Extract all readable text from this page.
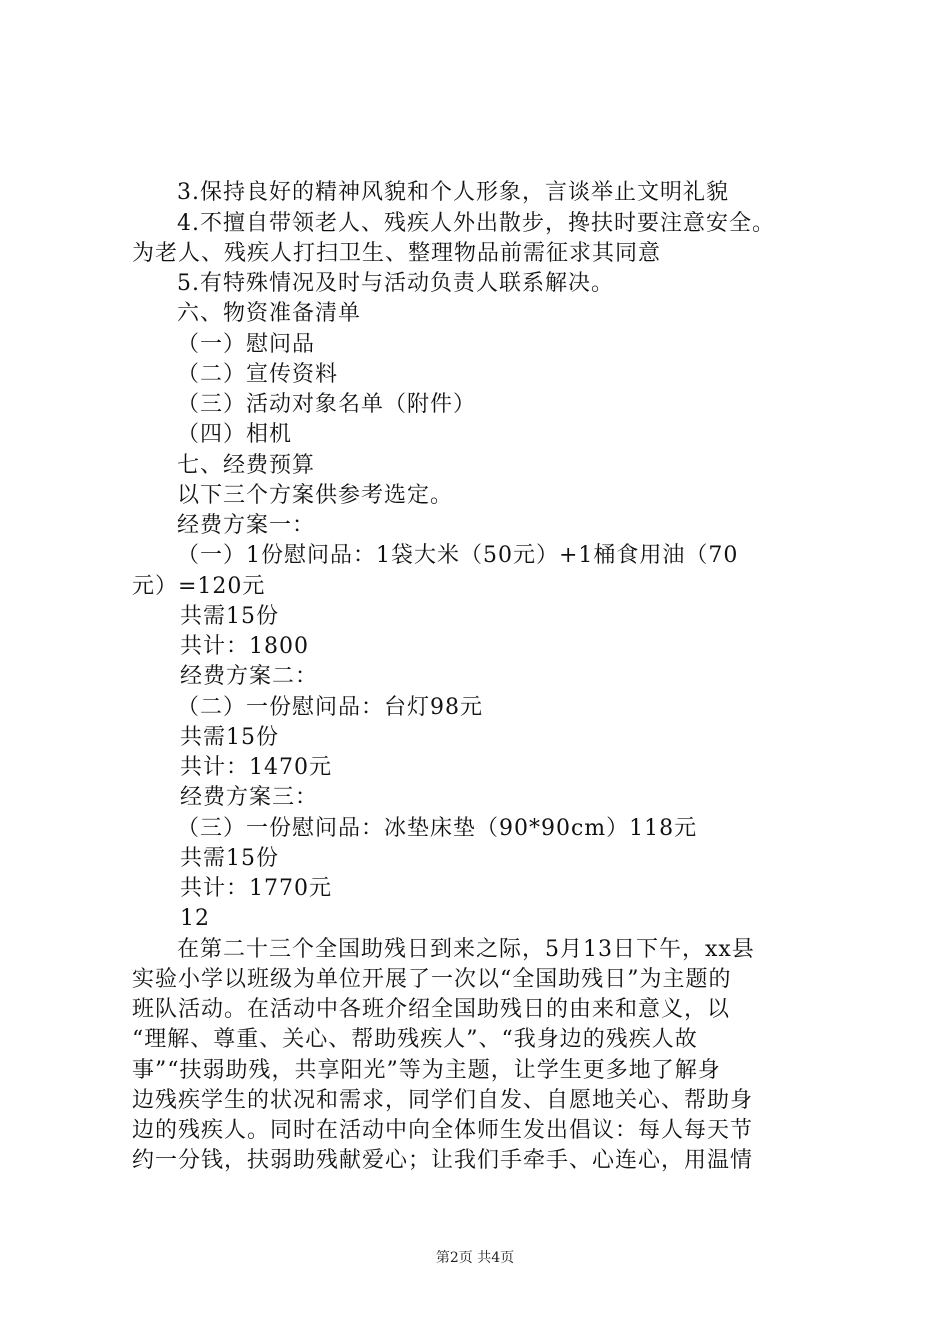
3.保持良好的精神风貌和个人形象，言谈举止文明礼貌
4.不擅自带领老人、残疾人外出散步，搀扶时要注意安全。
为老人、残疾人打扫卫生、整理物品前需征求其同意
5.有特殊情况及时与活动负责人联系解决。
六、物资准备清单
（一）慰问品
（二）宣传资料
（三）活动对象名单（附件）
（四）相机
七、经费预算
以下三个方案供参考选定。
经费方案一：
（一）1份慰问品：1袋大米（50元）+1桶食用油（70
元）=120元
共需15份
共计：1800
经费方案二：
（二）一份慰问品：台灯98元
共需15份
共计：1470元
经费方案三：
（三）一份慰问品：冰垫床垫（90*90cm）118元
共需15份
共计：1770元
12
在第二十三个全国助残日到来之际，5月13日下午，xx县
实验小学以班级为单位开展了一次以“全国助残日”为主题的
班队活动。在活动中各班介绍全国助残日的由来和意义，以
“理解、尊重、关心、帮助残疾人”、“我身边的残疾人故
事”“扶弱助残，共享阳光”等为主题，让学生更多地了解身
边残疾学生的状况和需求，同学们自发、自愿地关心、帮助身
边的残疾人。同时在活动中向全体师生发出倡议：每人每天节
约一分钱，扶弱助残献爱心；让我们手牵手、心连心，用温情
第2页 共4页
